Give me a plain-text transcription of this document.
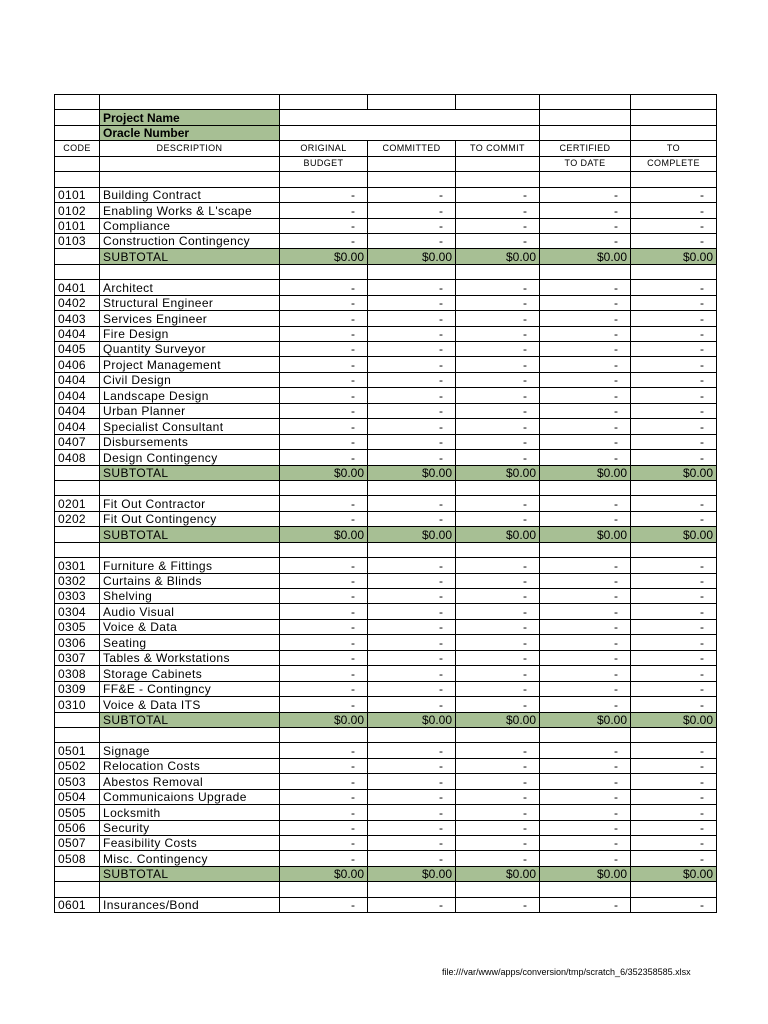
	Project Name					
	Oracle Number					
CODE	DESCRIPTION	ORIGINAL	COMMITTED	TO COMMIT	CERTIFIED	TO
		BUDGET			TO DATE	COMPLETE

0101	Building Contract	-	-	-	-	-
0102	Enabling Works & L'scape	-	-	-	-	-
0101	Compliance	-	-	-	-	-
0103	Construction Contingency	-	-	-	-	-
	SUBTOTAL	$0.00	$0.00	$0.00	$0.00	$0.00

0401	Architect	-	-	-	-	-
0402	Structural Engineer	-	-	-	-	-
0403	Services Engineer	-	-	-	-	-
0404	Fire Design	-	-	-	-	-
0405	Quantity Surveyor	-	-	-	-	-
0406	Project Management	-	-	-	-	-
0404	Civil Design	-	-	-	-	-
0404	Landscape Design	-	-	-	-	-
0404	Urban Planner	-	-	-	-	-
0404	Specialist Consultant	-	-	-	-	-
0407	Disbursements	-	-	-	-	-
0408	Design Contingency	-	-	-	-	-
	SUBTOTAL	$0.00	$0.00	$0.00	$0.00	$0.00

0201	Fit Out Contractor	-	-	-	-	-
0202	Fit Out Contingency	-	-	-	-	-
	SUBTOTAL	$0.00	$0.00	$0.00	$0.00	$0.00

0301	Furniture & Fittings	-	-	-	-	-
0302	Curtains & Blinds	-	-	-	-	-
0303	Shelving	-	-	-	-	-
0304	Audio Visual	-	-	-	-	-
0305	Voice & Data	-	-	-	-	-
0306	Seating	-	-	-	-	-
0307	Tables & Workstations	-	-	-	-	-
0308	Storage Cabinets	-	-	-	-	-
0309	FF&E - Contingncy	-	-	-	-	-
0310	Voice & Data ITS	-	-	-	-	-
	SUBTOTAL	$0.00	$0.00	$0.00	$0.00	$0.00

0501	Signage	-	-	-	-	-
0502	Relocation Costs	-	-	-	-	-
0503	Abestos Removal	-	-	-	-	-
0504	Communicaions Upgrade	-	-	-	-	-
0505	Locksmith	-	-	-	-	-
0506	Security	-	-	-	-	-
0507	Feasibility Costs	-	-	-	-	-
0508	Misc. Contingency	-	-	-	-	-
	SUBTOTAL	$0.00	$0.00	$0.00	$0.00	$0.00

0601	Insurances/Bond	-	-	-	-	-
file:///var/www/apps/conversion/tmp/scratch_6/352358585.xlsx
